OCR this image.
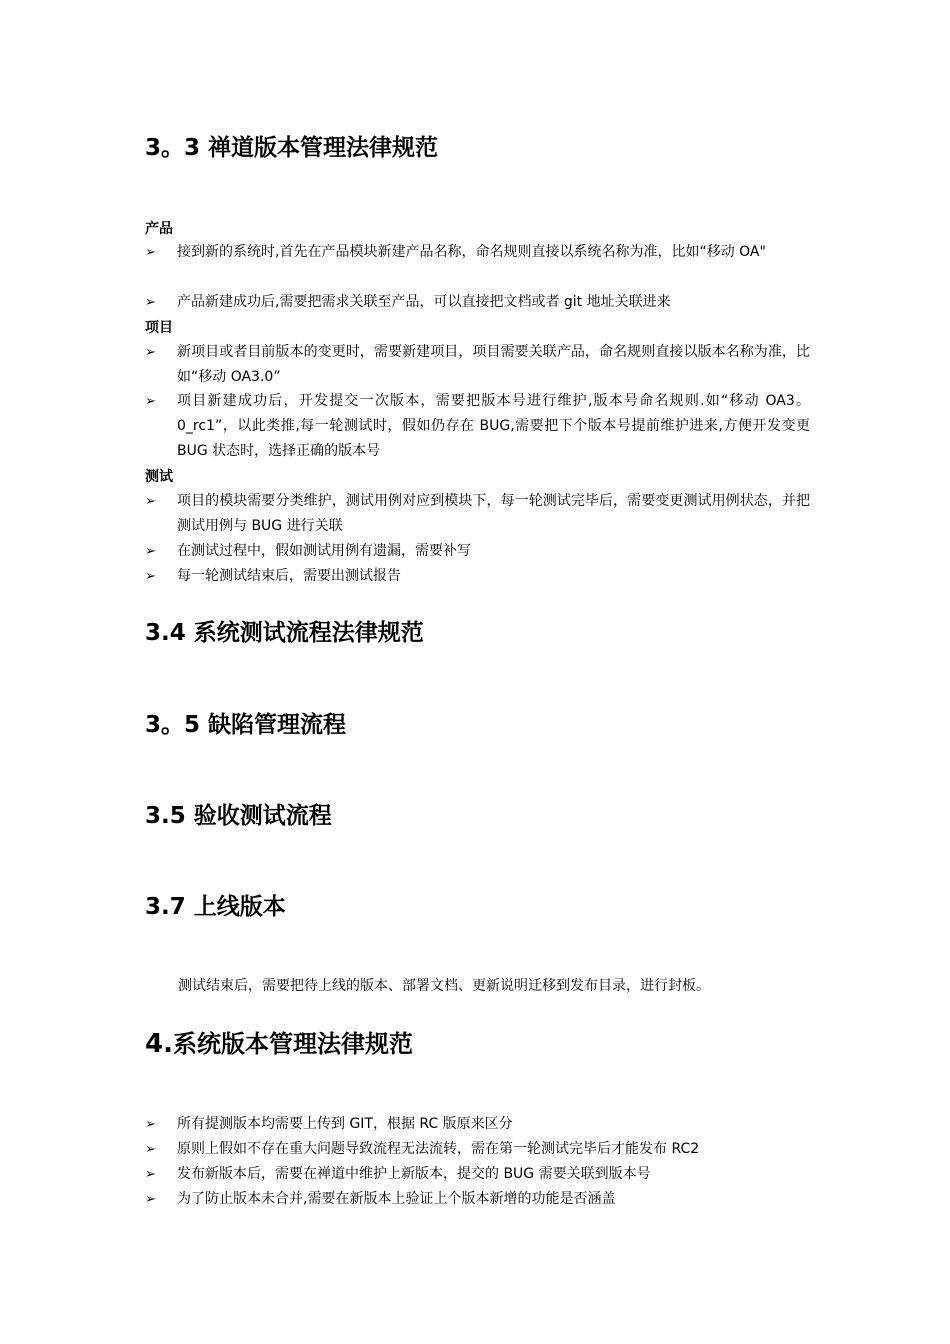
3。3 禅道版本管理法律规范
产品
➢	接到新的系统时,首先在产品模块新建产品名称，命名规则直接以系统名称为准，比如“移动 OA"
➢	产品新建成功后,需要把需求关联至产品，可以直接把文档或者 git 地址关联进来
项目
➢	新项目或者目前版本的变更时，需要新建项目，项目需要关联产品，命名规则直接以版本名称为准，比如“移动 OA3.0”
➢	项目新建成功后，开发提交一次版本，需要把版本号进行维护,版本号命名规则.如“移动 OA3。0_rc1”，以此类推,每一轮测试时，假如仍存在 BUG,需要把下个版本号提前维护进来,方便开发变更 BUG 状态时，选择正确的版本号
测试
➢	项目的模块需要分类维护，测试用例对应到模块下，每一轮测试完毕后，需要变更测试用例状态，并把测试用例与 BUG 进行关联
➢	在测试过程中，假如测试用例有遗漏，需要补写
➢	每一轮测试结束后，需要出测试报告
3.4 系统测试流程法律规范
3。5 缺陷管理流程
3.5 验收测试流程
3.7 上线版本

测试结束后，需要把待上线的版本、部署文档、更新说明迁移到发布目录，进行封板。

4.系统版本管理法律规范
➢	所有提测版本均需要上传到 GIT，根据 RC 版原来区分
➢	原则上假如不存在重大问题导致流程无法流转，需在第一轮测试完毕后才能发布 RC2
➢	发布新版本后，需要在禅道中维护上新版本，提交的 BUG 需要关联到版本号
➢	为了防止版本未合并,需要在新版本上验证上个版本新增的功能是否涵盖
